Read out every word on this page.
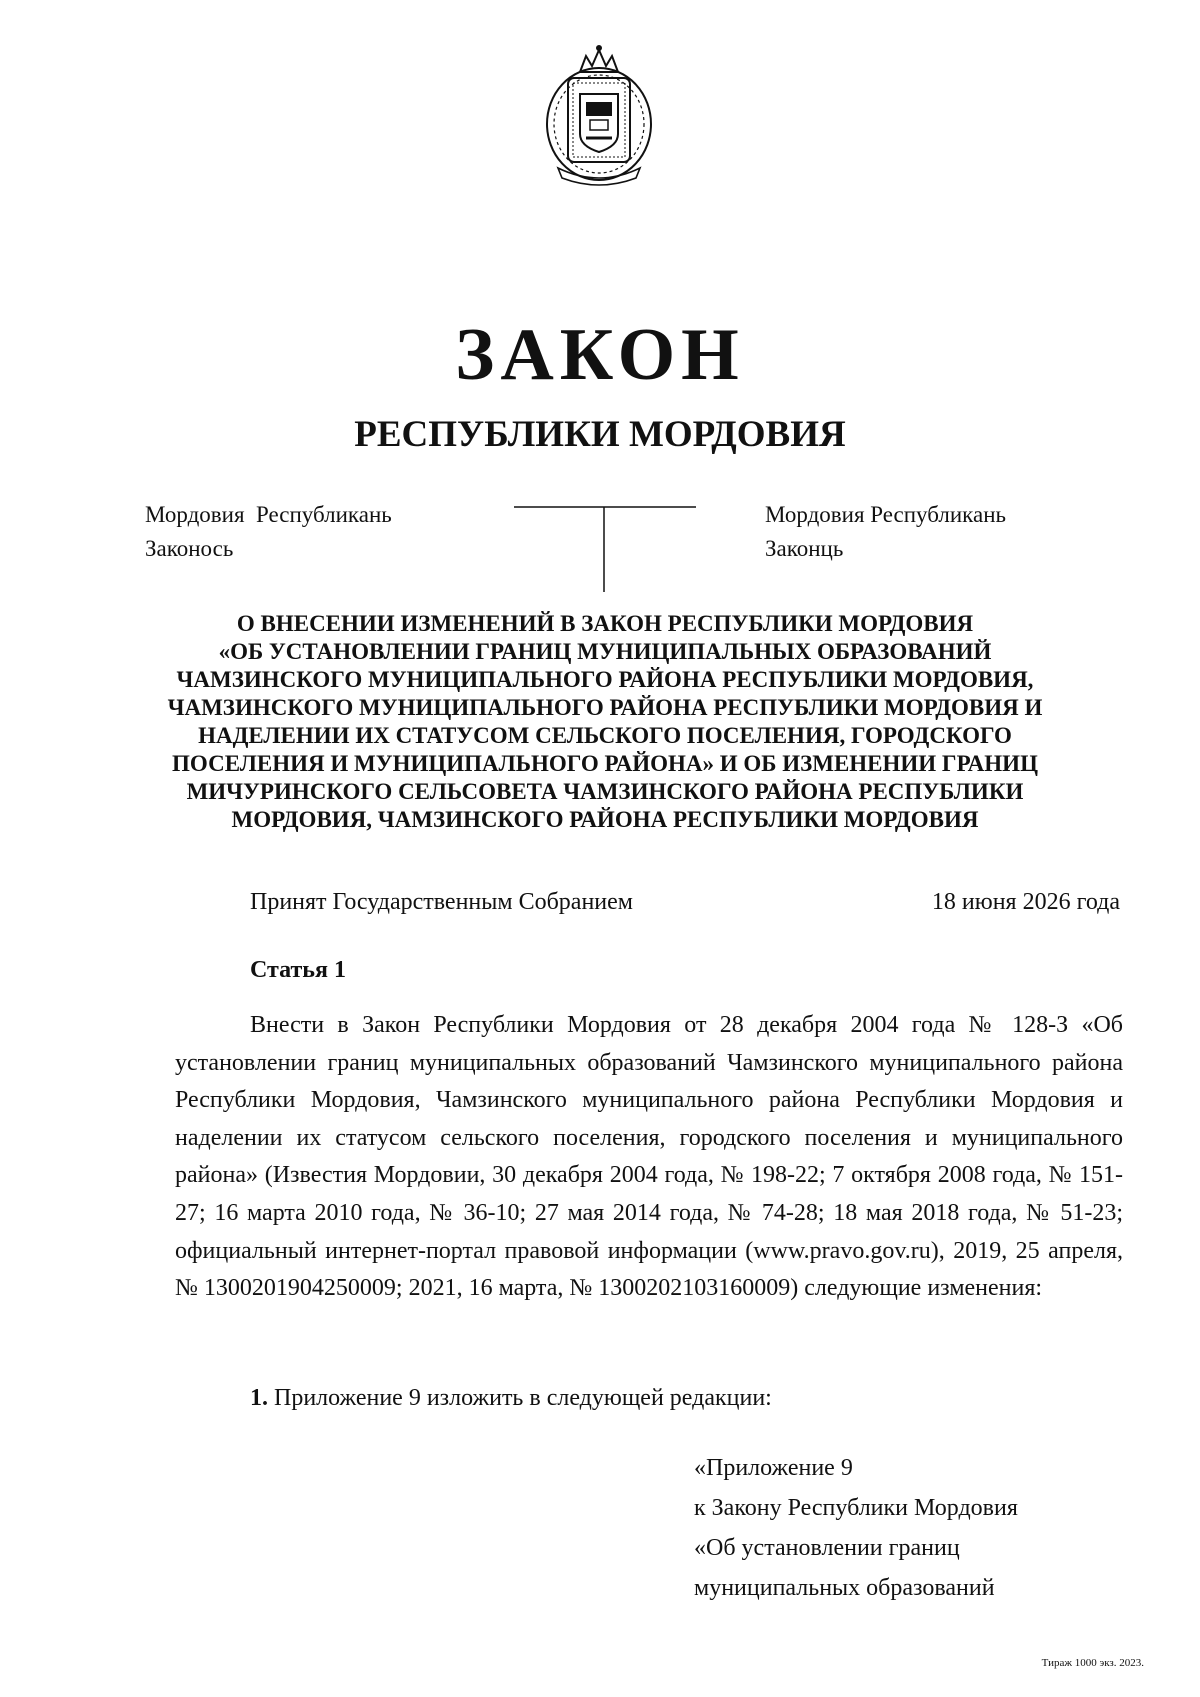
ЗАКОН
РЕСПУБЛИКИ МОРДОВИЯ
Мордовия  Республикань
Законось
Мордовия Республикань
Законць
О ВНЕСЕНИИ ИЗМЕНЕНИЙ В ЗАКОН РЕСПУБЛИКИ МОРДОВИЯ
«ОБ УСТАНОВЛЕНИИ ГРАНИЦ МУНИЦИПАЛЬНЫХ ОБРАЗОВАНИЙ
ЧАМЗИНСКОГО МУНИЦИПАЛЬНОГО РАЙОНА РЕСПУБЛИКИ МОРДОВИЯ,
ЧАМЗИНСКОГО МУНИЦИПАЛЬНОГО РАЙОНА РЕСПУБЛИКИ МОРДОВИЯ И
НАДЕЛЕНИИ ИХ СТАТУСОМ СЕЛЬСКОГО ПОСЕЛЕНИЯ, ГОРОДСКОГО
ПОСЕЛЕНИЯ И МУНИЦИПАЛЬНОГО РАЙОНА» И ОБ ИЗМЕНЕНИИ ГРАНИЦ
МИЧУРИНСКОГО СЕЛЬСОВЕТА ЧАМЗИНСКОГО РАЙОНА РЕСПУБЛИКИ
МОРДОВИЯ, ЧАМЗИНСКОГО РАЙОНА РЕСПУБЛИКИ МОРДОВИЯ
Принят Государственным Собранием	18 июня 2026 года
Статья 1
Внести в Закон Республики Мордовия от 28 декабря 2004 года № 128-З «Об установлении границ муниципальных образований Чамзинского муниципального района Республики Мордовия, Чамзинского муниципального района Республики Мордовия и наделении их статусом сельского поселения, городского поселения и муниципального района» (Известия Мордовии, 30 декабря 2004 года, № 198-22; 7 октября 2008 года, № 151-27; 16 марта 2010 года, № 36-10; 27 мая 2014 года, № 74-28; 18 мая 2018 года, № 51-23; официальный интернет-портал правовой информации (www.pravo.gov.ru), 2019, 25 апреля, № 1300201904250009; 2021, 16 марта, № 1300202103160009) следующие изменения:
1. Приложение 9 изложить в следующей редакции:
«Приложение 9
к Закону Республики Мордовия
«Об установлении границ
муниципальных образований
Тираж 1000 экз. 2023.
